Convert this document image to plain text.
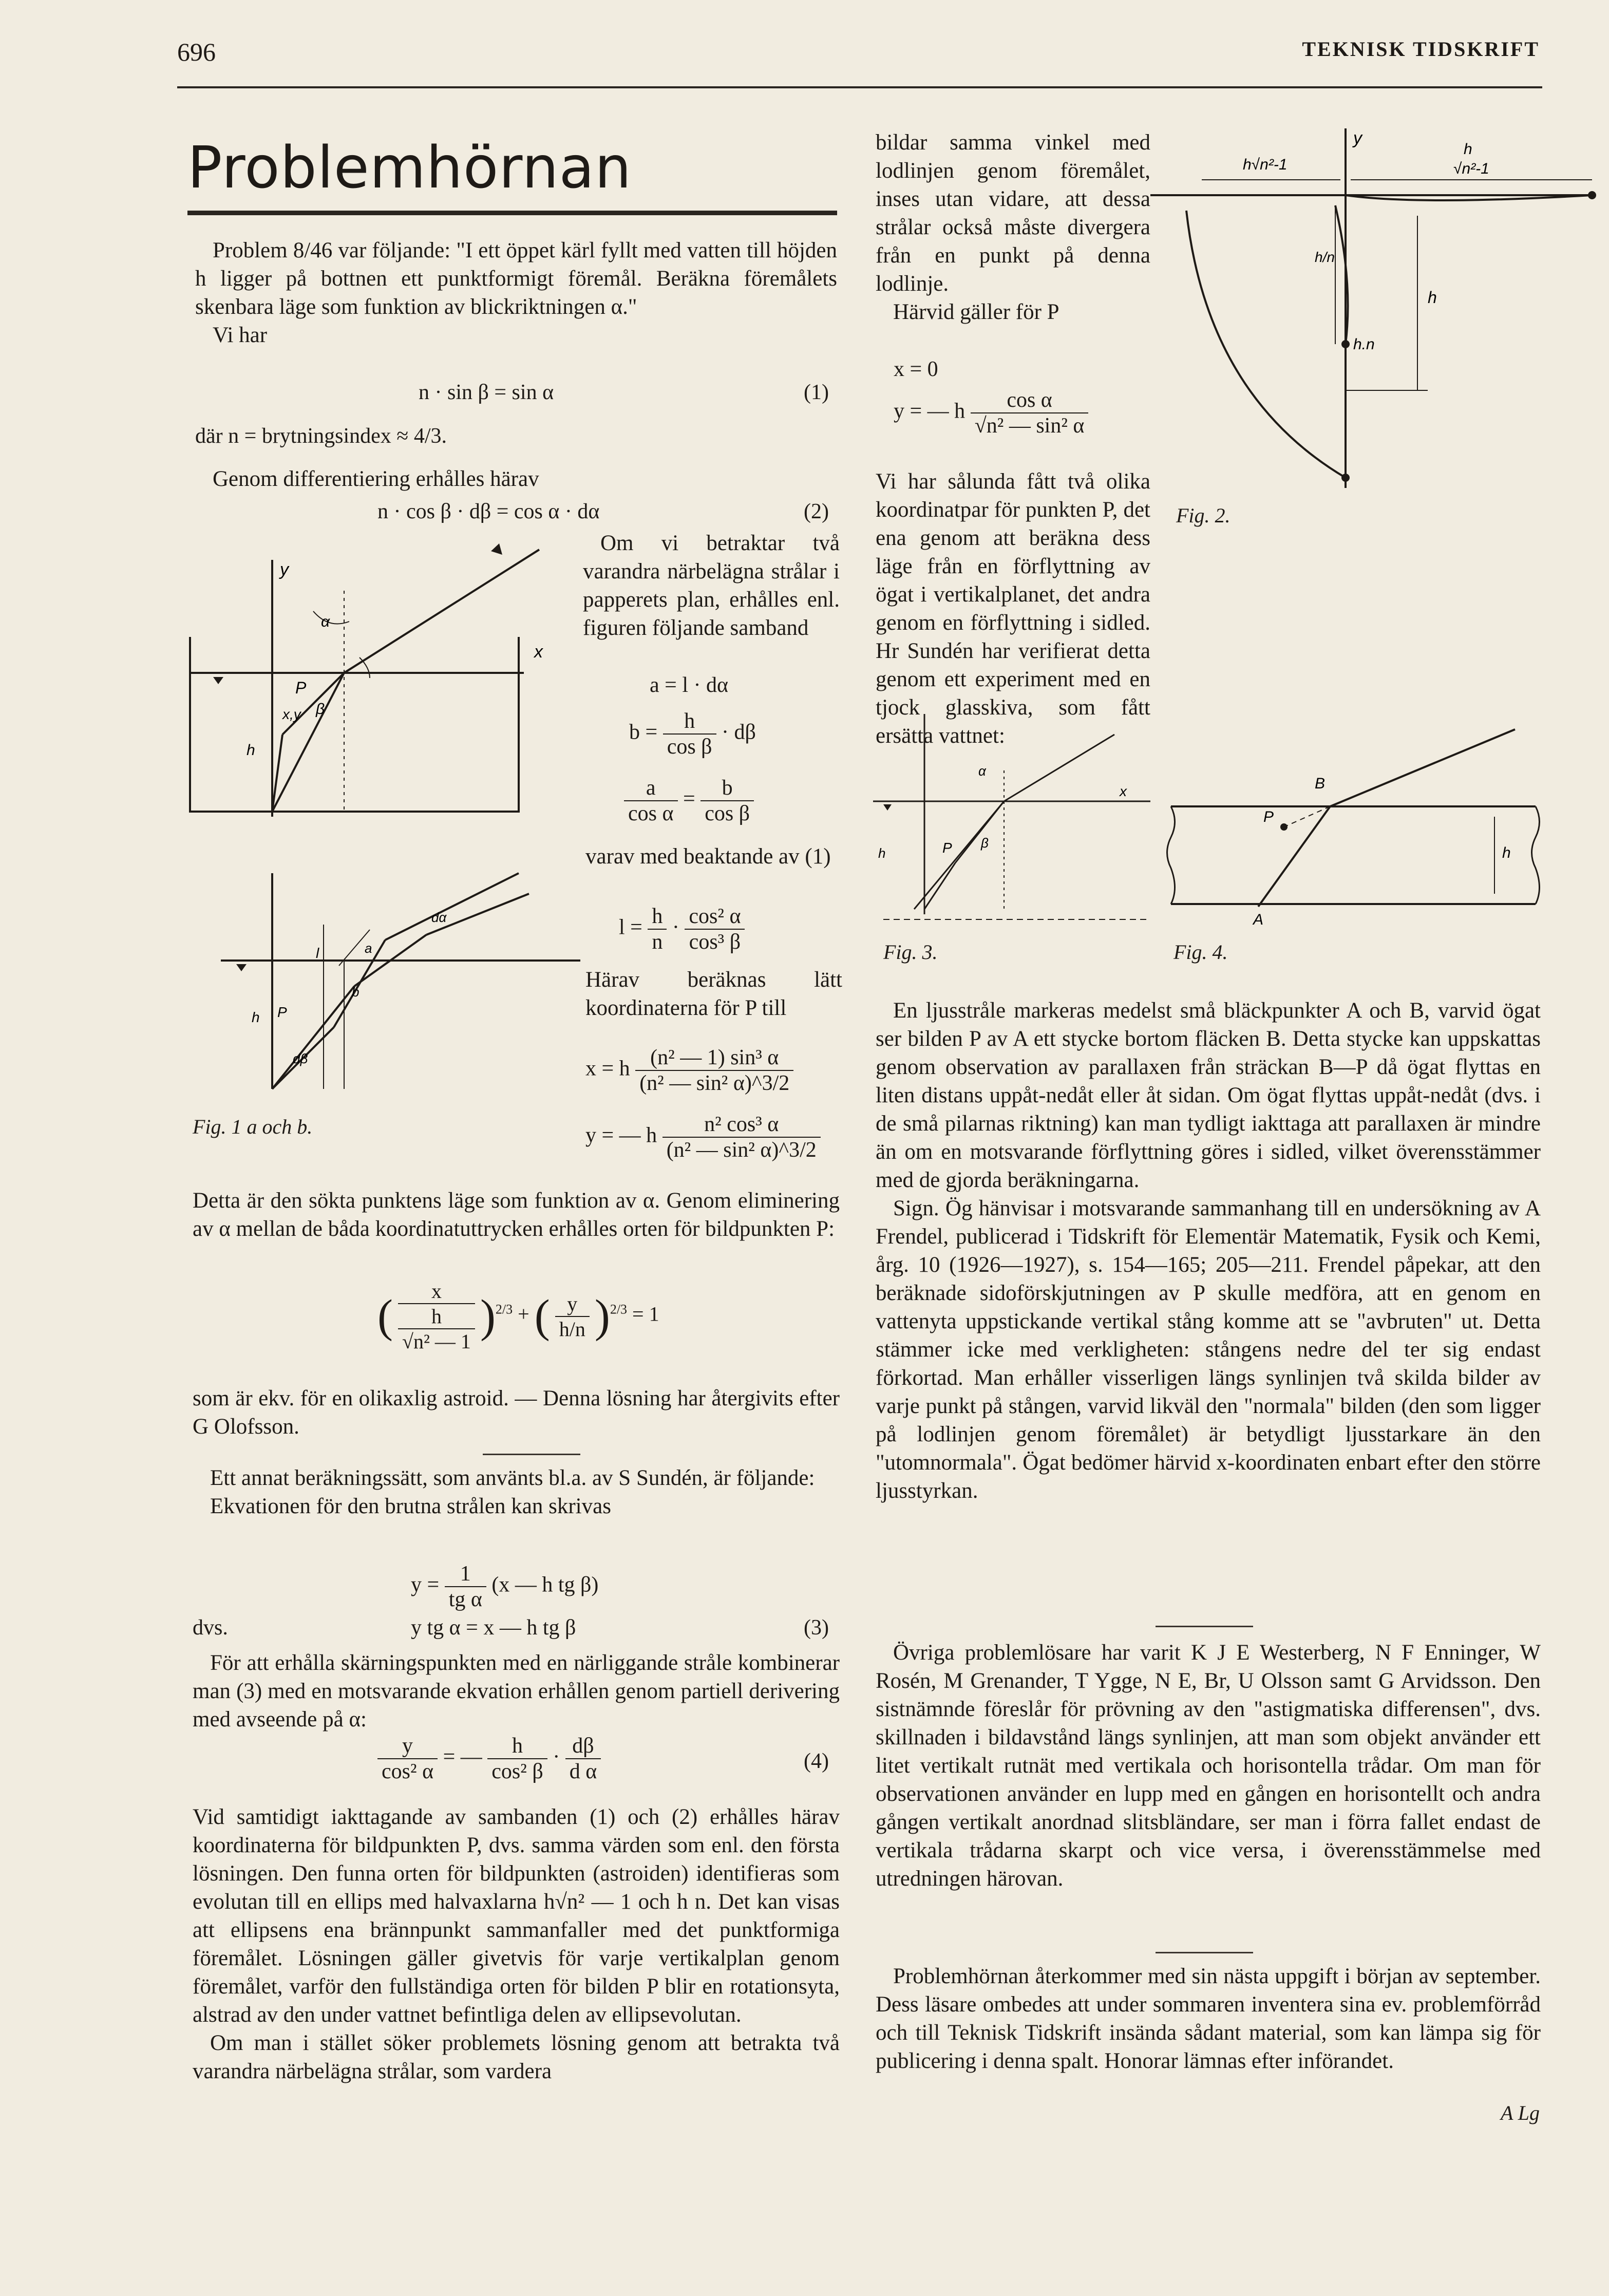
696	TEKNISK TIDSKRIFT
Problemhörnan

Problem 8/46 var följande: "I ett öppet kärl fyllt med vatten till höjden h ligger på bottnen ett punktformigt föremål. Beräkna föremålets skenbara läge som funktion av blickriktningen α."

Vi har

n · sin β = sin α	(1)
där n = brytningsindex ≈ 4/3.

Genom differentiering erhålles härav

n · cos β · dβ = cos α · dα	(2)

Om vi betraktar två varandra närbelägna strålar i papperets plan, erhålles enl. figuren följande samband

a = l · dα
$b = \frac{h}{\text{cos β}} \cdot d\beta$
$\frac{a}{\text{cos α}} = \frac{b}{\text{cos β}}$

varav med beaktande av (1)

$l = \frac{h}{n} \cdot \frac{\text{cos² α}}{\text{cos³ β}}$

Härav beräknas lätt koordinaterna för P till

x = h $\frac{\text{(n² — 1) sin³ α}}{\text{(n² — sin² α)\textasciicircum{}3/2}}$
y = — h $\frac{\text{n² cos³ α}}{\text{(n² — sin² α)\textasciicircum{}3/2}}$
y
x
P
x,y
h
α
β
l	a
b
dα
dβ
h P
Fig. 1 a och b.

Detta är den sökta punktens läge som funktion av α. Genom eliminering av α mellan de båda koordinatuttrycken erhålles orten för bildpunkten P:

(	x
h
√n² — 1 )$^{2/3}$ + ( $\frac{y}{h/n} )^{2/3} = 1$

som är ekv. för en olikaxlig astroid. — Denna lösning har återgivits efter G Olofsson.

Ett annat beräkningssätt, som använts bl.a. av S Sundén, är följande:

Ekvationen för den brutna strålen kan skrivas

$y = \frac{1}{\text{tg α}} (x$ — h tg β)
dvs.	y tg α = x — h tg β	(3)

För att erhålla skärningspunkten med en närliggande stråle kombinerar man (3) med en motsvarande ekvation erhållen genom partiell derivering med avseende på α:

$\frac{y}{\text{cos² α}}$ = — $\frac{h}{\text{cos² β}} \cdot \frac{d\beta}{\text{d α}}$	(4)

Vid samtidigt iakttagande av sambanden (1) och (2) erhålles härav koordinaterna för bildpunkten P, dvs. samma värden som enl. den första lösningen. Den funna orten för bildpunkten (astroiden) identifieras som evolutan till en ellips med halvaxlarna h√n² — 1 och h n. Det kan visas att ellipsens ena brännpunkt sammanfaller med det punktformiga föremålet. Lösningen gäller givetvis för varje vertikalplan genom föremålet, varför den fullständiga orten för bilden P blir en rotationsyta, alstrad av den under vattnet befintliga delen av ellipsevolutan.

Om man i stället söker problemets lösning genom att betrakta två varandra närbelägna strålar, som vardera

bildar samma vinkel med lodlinjen genom föremålet, inses utan vidare, att dessa strålar också måste divergera från en punkt på denna lodlinje.

Härvid gäller för P

x = 0
y = — h $\frac{\text{cos α}}{\text{√n² — sin² α}}$

Vi har sålunda fått två olika koordinatpar för punkten P, det ena genom att beräkna dess läge från en förflyttning av ögat i vertikalplanet, det andra genom en förflyttning i sidled. Hr Sundén har verifierat detta genom ett experiment med en tjock glasskiva, som fått ersätta vattnet:

h√n²-1
h
√n²-1
y
h/n
h.n
h
Fig. 2.
x
P
h
α
β
Fig. 3.
B
P
A
h
Fig. 4.

En ljusstråle markeras medelst små bläckpunkter A och B, varvid ögat ser bilden P av A ett stycke bortom fläcken B. Detta stycke kan uppskattas genom observation av parallaxen från sträckan B—P då ögat flyttas en liten distans uppåt-nedåt eller åt sidan. Om ögat flyttas uppåt-nedåt (dvs. i de små pilarnas riktning) kan man tydligt iakttaga att parallaxen är mindre än om en motsvarande förflyttning göres i sidled, vilket överensstämmer med de gjorda beräkningarna.

Sign. Ög hänvisar i motsvarande sammanhang till en undersökning av A Frendel, publicerad i Tidskrift för Elementär Matematik, Fysik och Kemi, årg. 10 (1926—1927), s. 154—165; 205—211. Frendel påpekar, att den beräknade sidoförskjutningen av P skulle medföra, att en genom en vattenyta uppstickande vertikal stång komme att se "avbruten" ut. Detta stämmer icke med verkligheten: stångens nedre del ter sig endast förkortad. Man erhåller visserligen längs synlinjen två skilda bilder av varje punkt på stången, varvid likväl den "normala" bilden (den som ligger på lodlinjen genom föremålet) är betydligt ljusstarkare än den "utomnormala". Ögat bedömer härvid x-koordinaten enbart efter den större ljusstyrkan.

Övriga problemlösare har varit K J E Westerberg, N F Enninger, W Rosén, M Grenander, T Ygge, N E, Br, U Olsson samt G Arvidsson. Den sistnämnde föreslår för prövning av den "astigmatiska differensen", dvs. skillnaden i bildavstånd längs synlinjen, att man som objekt använder ett litet vertikalt rutnät med vertikala och horisontella trådar. Om man för observationen använder en lupp med en gången en horisontellt och andra gången vertikalt anordnad slitsbländare, ser man i förra fallet endast de vertikala trådarna skarpt och vice versa, i överensstämmelse med utredningen härovan.

Problemhörnan återkommer med sin nästa uppgift i början av september. Dess läsare ombedes att under sommaren inventera sina ev. problemförråd och till Teknisk Tidskrift insända sådant material, som kan lämpa sig för publicering i denna spalt. Honorar lämnas efter införandet.

A Lg
